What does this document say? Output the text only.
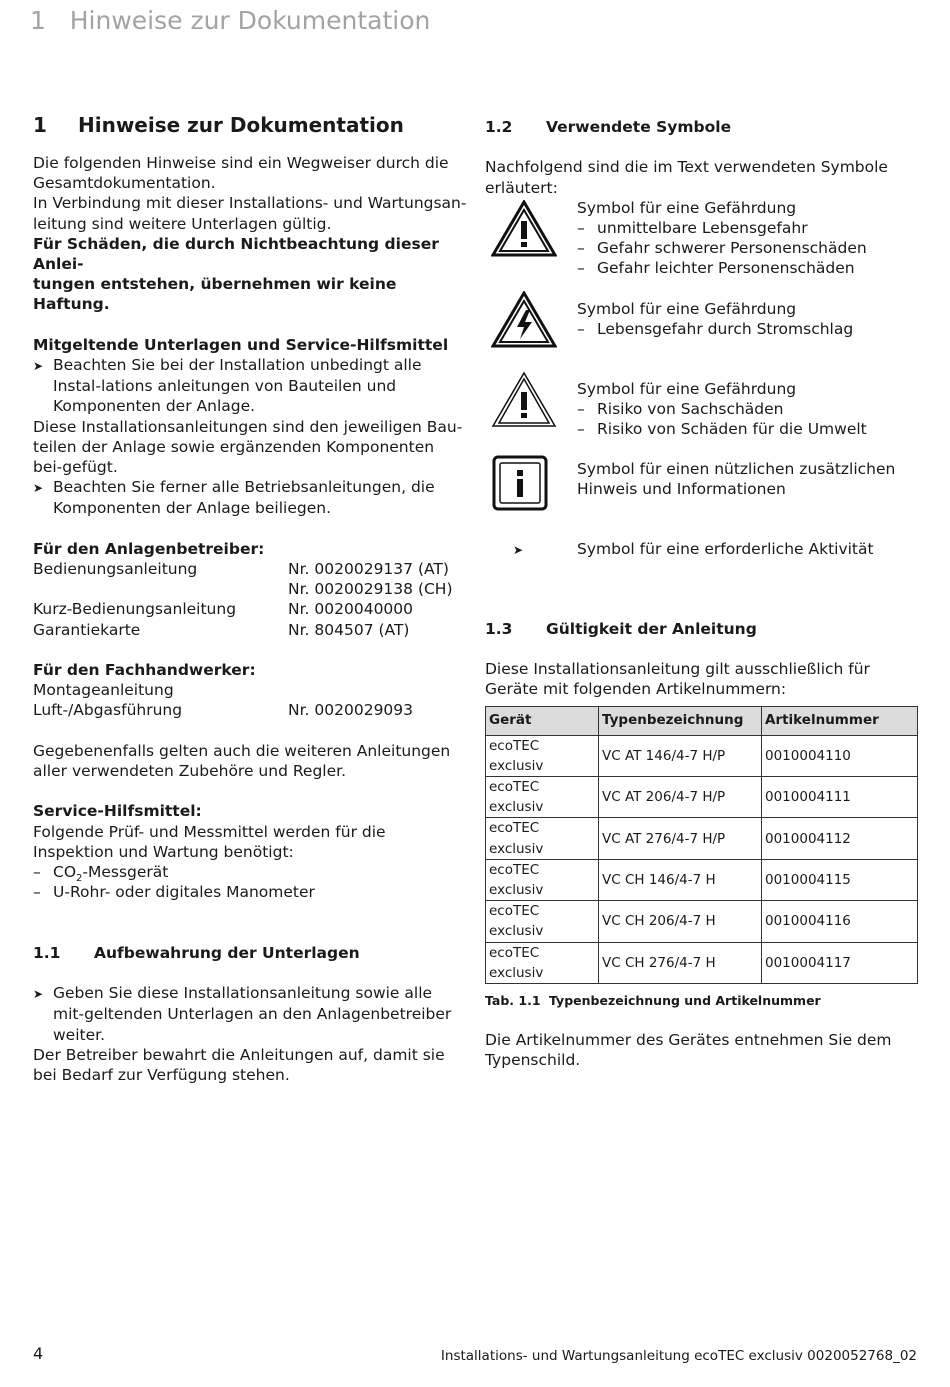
1   Hinweise zur Dokumentation
1 Hinweise zur Dokumentation

Die folgenden Hinweise sind ein Wegweiser durch die

Gesamtdokumentation.

In Verbindung mit dieser Installations- und Wartungsan-

leitung sind weitere Unterlagen gültig.

Für Schäden, die durch Nichtbeachtung dieser Anlei-

tungen entstehen, übernehmen wir keine Haftung.

Mitgeltende Unterlagen und Service-Hilfsmittel

➤ Beachten Sie bei der Installation unbedingt alle Instal-lations anleitungen von Bauteilen und Komponenten der Anlage.

Diese Installationsanleitungen sind den jeweiligen Bau-teilen der Anlage sowie ergänzenden Komponenten bei-gefügt.

➤ Beachten Sie ferner alle Betriebsanleitungen, die Komponenten der Anlage beiliegen.

Für den Anlagenbetreiber:

Bedienungsanleitung	Nr. 0020029137 (AT)
Nr. 0020029138 (CH)
Kurz-Bedienungsanleitung	Nr. 0020040000
Garantiekarte	Nr. 804507 (AT)

Für den Fachhandwerker:

Montageanleitung
Luft-/Abgasführung	Nr. 0020029093

Gegebenenfalls gelten auch die weiteren Anleitungen aller verwendeten Zubehöre und Regler.

Service-Hilfsmittel:

Folgende Prüf- und Messmittel werden für die Inspektion und Wartung benötigt:

– $CO_2$-Messgerät

– U-Rohr- oder digitales Manometer

1.1 Aufbewahrung der Unterlagen

➤ Geben Sie diese Installationsanleitung sowie alle mit-geltenden Unterlagen an den Anlagenbetreiber weiter.

Der Betreiber bewahrt die Anleitungen auf, damit sie bei Bedarf zur Verfügung stehen.

1.2 Verwendete Symbole

Nachfolgend sind die im Text verwendeten Symbole erläutert:

Symbol für eine Gefährdung

– unmittelbare Lebensgefahr

– Gefahr schwerer Personenschäden

– Gefahr leichter Personenschäden

Symbol für eine Gefährdung

– Lebensgefahr durch Stromschlag

Symbol für eine Gefährdung

– Risiko von Sachschäden

– Risiko von Schäden für die Umwelt

Symbol für einen nützlichen zusätzlichen Hinweis und Informationen

➤	Symbol für eine erforderliche Aktivität

1.3 Gültigkeit der Anleitung

Diese Installationsanleitung gilt ausschließlich für Geräte mit folgenden Artikelnummern:

Gerät	Typenbezeichnung	Artikelnummer
ecoTEC exclusiv	VC AT 146/4-7 H/P	0010004110
ecoTEC exclusiv	VC AT 206/4-7 H/P	0010004111
ecoTEC exclusiv	VC AT 276/4-7 H/P	0010004112
ecoTEC exclusiv	VC CH 146/4-7 H	0010004115
ecoTEC exclusiv	VC CH 206/4-7 H	0010004116
ecoTEC exclusiv	VC CH 276/4-7 H	0010004117

Tab. 1.1 Typenbezeichnung und Artikelnummer

Die Artikelnummer des Gerätes entnehmen Sie dem Typenschild.

4	Installations- und Wartungsanleitung ecoTEC exclusiv 0020052768_02
